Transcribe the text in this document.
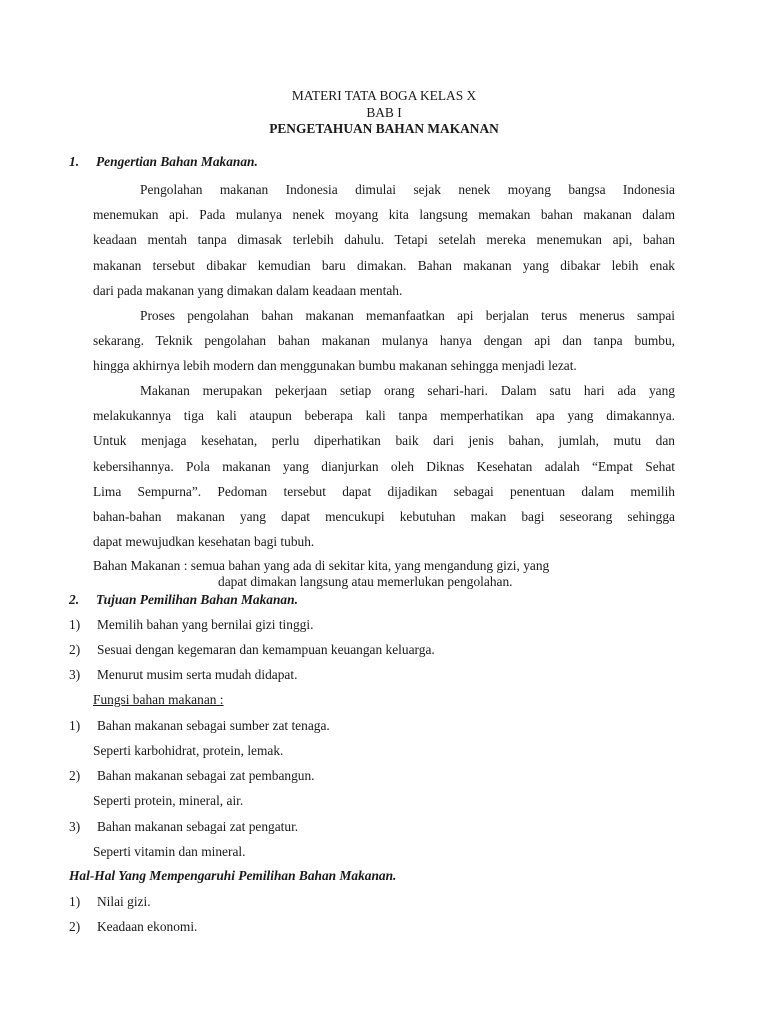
MATERI TATA BOGA KELAS X
BAB I
PENGETAHUAN BAHAN MAKANAN
1. Pengertian Bahan Makanan.
Pengolahan makanan Indonesia dimulai sejak nenek moyang bangsa Indonesia
menemukan api. Pada mulanya nenek moyang kita langsung memakan bahan makanan dalam
keadaan mentah tanpa dimasak terlebih dahulu. Tetapi setelah mereka menemukan api, bahan
makanan tersebut dibakar kemudian baru dimakan. Bahan makanan yang dibakar lebih enak
dari pada makanan yang dimakan dalam keadaan mentah.
Proses pengolahan bahan makanan memanfaatkan api berjalan terus menerus sampai
sekarang. Teknik pengolahan bahan makanan mulanya hanya dengan api dan tanpa bumbu,
hingga akhirnya lebih modern dan menggunakan bumbu makanan sehingga menjadi lezat.
Makanan merupakan pekerjaan setiap orang sehari-hari. Dalam satu hari ada yang
melakukannya tiga kali ataupun beberapa kali tanpa memperhatikan apa yang dimakannya.
Untuk menjaga kesehatan, perlu diperhatikan baik dari jenis bahan, jumlah, mutu dan
kebersihannya. Pola makanan yang dianjurkan oleh Diknas Kesehatan adalah “Empat Sehat
Lima Sempurna”. Pedoman tersebut dapat dijadikan sebagai penentuan dalam memilih
bahan-bahan makanan yang dapat mencukupi kebutuhan makan bagi seseorang sehingga
dapat mewujudkan kesehatan bagi tubuh.
Bahan Makanan : semua bahan yang ada di sekitar kita, yang mengandung gizi, yang
dapat dimakan langsung atau memerlukan pengolahan.
2. Tujuan Pemilihan Bahan Makanan.
1) Memilih bahan yang bernilai gizi tinggi.
2) Sesuai dengan kegemaran dan kemampuan keuangan keluarga.
3) Menurut musim serta mudah didapat.
Fungsi bahan makanan :
1) Bahan makanan sebagai sumber zat tenaga.
Seperti karbohidrat, protein, lemak.
2) Bahan makanan sebagai zat pembangun.
Seperti protein, mineral, air.
3) Bahan makanan sebagai zat pengatur.
Seperti vitamin dan mineral.
Hal-Hal Yang Mempengaruhi Pemilihan Bahan Makanan.
1) Nilai gizi.
2) Keadaan ekonomi.
